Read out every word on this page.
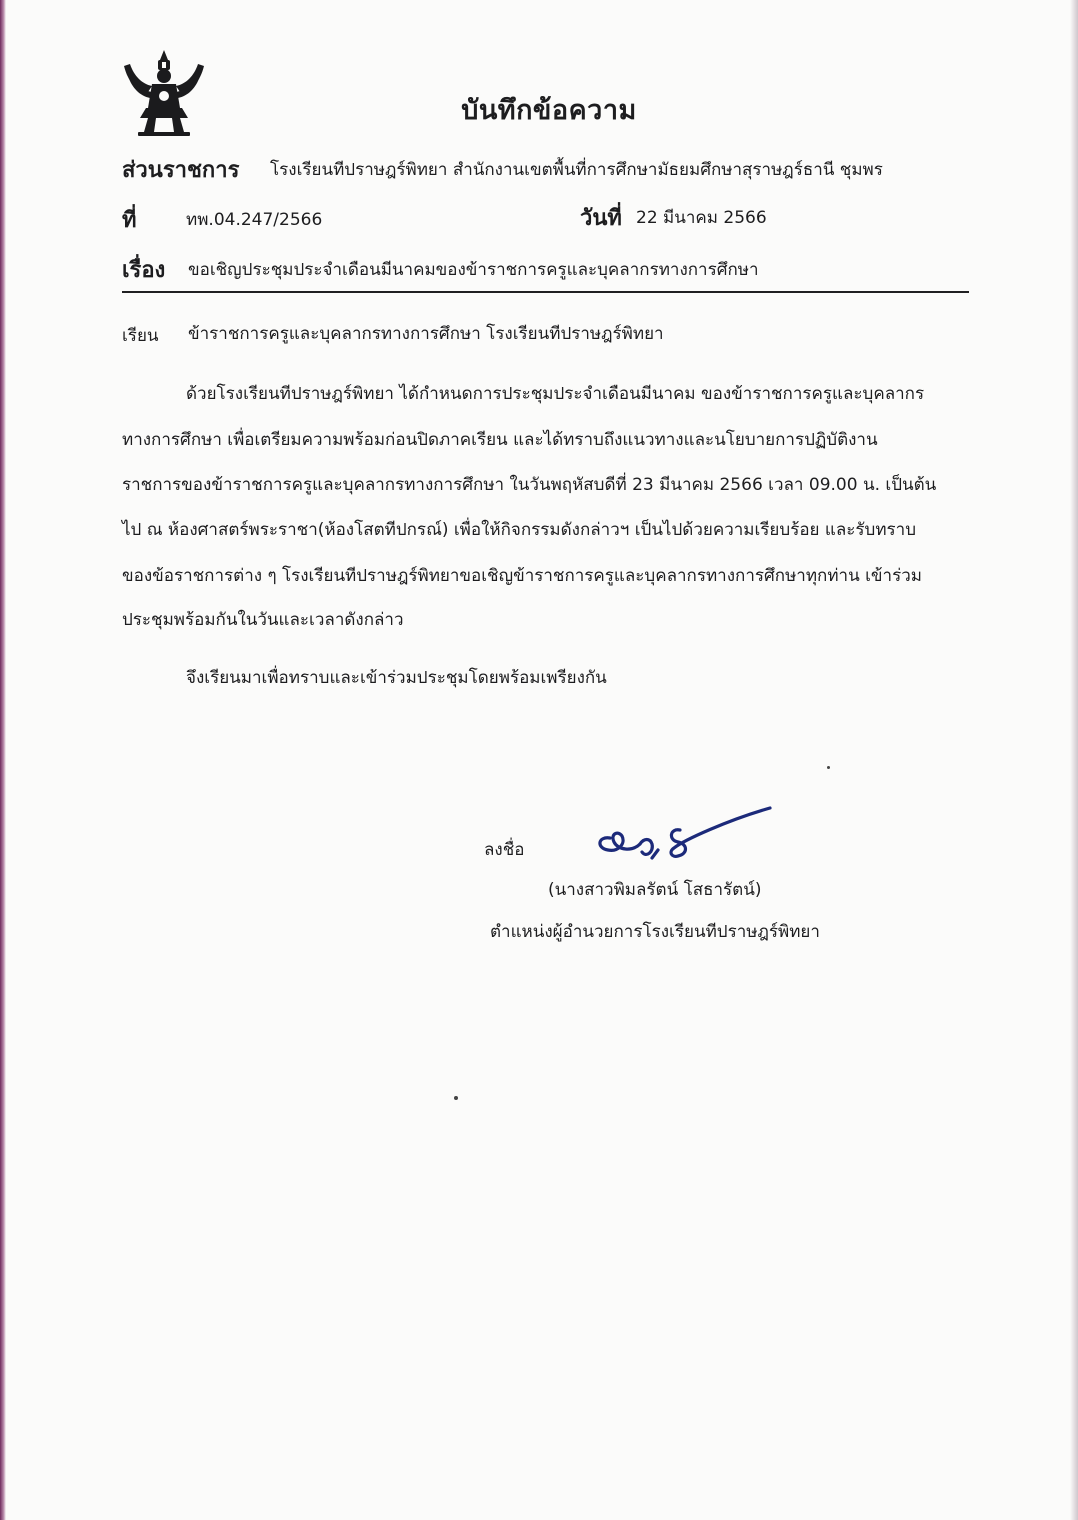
บันทึกข้อความ
ส่วนราชการ โรงเรียนทีปราษฎร์พิทยา สำนักงานเขตพื้นที่การศึกษามัธยมศึกษาสุราษฎร์ธานี ชุมพร
ที่	ทพ.04.247/2566	วันที่ 22 มีนาคม 2566
เรื่อง ขอเชิญประชุมประจำเดือนมีนาคมของข้าราชการครูและบุคลากรทางการศึกษา
เรียน ข้าราชการครูและบุคลากรทางการศึกษา โรงเรียนทีปราษฎร์พิทยา
ด้วยโรงเรียนทีปราษฎร์พิทยา ได้กำหนดการประชุมประจำเดือนมีนาคม ของข้าราชการครูและบุคลากร
ทางการศึกษา เพื่อเตรียมความพร้อมก่อนปิดภาคเรียน และได้ทราบถึงแนวทางและนโยบายการปฏิบัติงาน
ราชการของข้าราชการครูและบุคลากรทางการศึกษา ในวันพฤหัสบดีที่ 23 มีนาคม 2566 เวลา 09.00 น. เป็นต้น
ไป ณ ห้องศาสตร์พระราชา(ห้องโสตทีปกรณ์) เพื่อให้กิจกรรมดังกล่าวฯ เป็นไปด้วยความเรียบร้อย และรับทราบ
ของข้อราชการต่าง ๆ โรงเรียนทีปราษฎร์พิทยาขอเชิญข้าราชการครูและบุคลากรทางการศึกษาทุกท่าน เข้าร่วม
ประชุมพร้อมกันในวันและเวลาดังกล่าว
จึงเรียนมาเพื่อทราบและเข้าร่วมประชุมโดยพร้อมเพรียงกัน
ลงชื่อ
(นางสาวพิมลรัตน์ โสธารัตน์)
ตำแหน่งผู้อำนวยการโรงเรียนทีปราษฎร์พิทยา
